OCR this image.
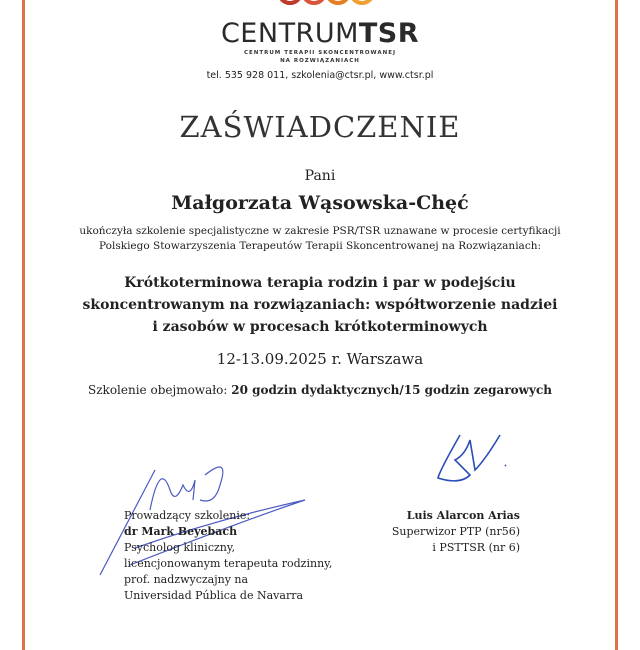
CENTRUMTSR
CENTRUM TERAPII SKONCENTROWANEJ
NA ROZWIĄZANIACH
tel. 535 928 011, szkolenia@ctsr.pl, www.ctsr.pl
ZAŚWIADCZENIE
Pani
Małgorzata Wąsowska-Chęć
ukończyła szkolenie specjalistyczne w zakresie PSR/TSR uznawane w procesie certyfikacji
Polskiego Stowarzyszenia Terapeutów Terapii Skoncentrowanej na Rozwiązaniach:
Krótkoterminowa terapia rodzin i par w podejściu
skoncentrowanym na rozwiązaniach: współtworzenie nadziei
i zasobów w procesach krótkoterminowych
12-13.09.2025 r. Warszawa
Szkolenie obejmowało: 20 godzin dydaktycznych/15 godzin zegarowych
Prowadzący szkolenie:
dr Mark Beyebach
Psycholog kliniczny,
licencjonowanym terapeuta rodzinny,
prof. nadzwyczajny na
Universidad Pública de Navarra
Luis Alarcon Arias
Superwizor PTP (nr56)
i PSTTSR (nr 6)
